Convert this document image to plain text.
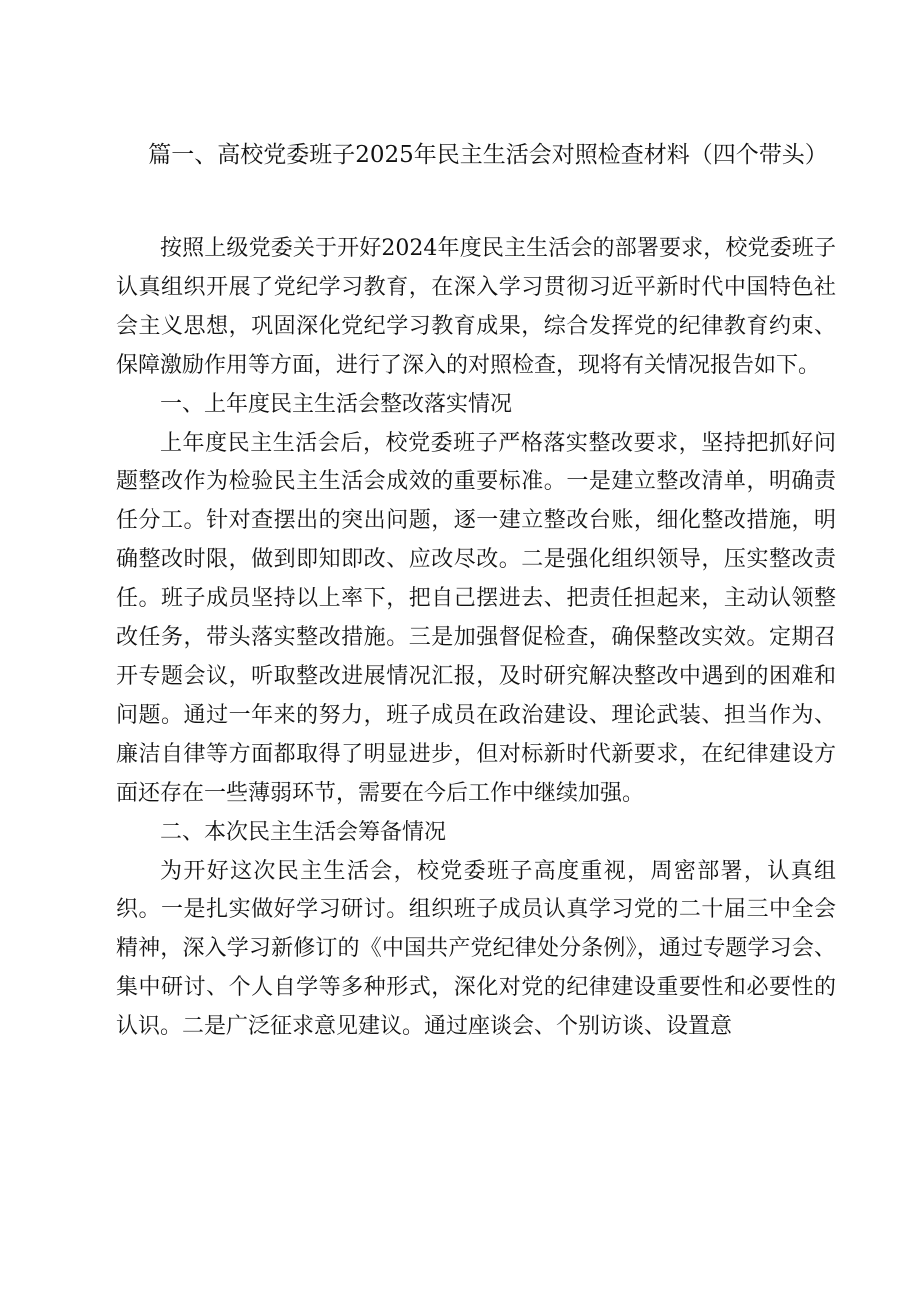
篇一、高校党委班子2025年民主生活会对照检查材料（四个带头）

按照上级党委关于开好2024年度民主生活会的部署要求，校党委班子认真组织开展了党纪学习教育，在深入学习贯彻习近平新时代中国特色社会主义思想，巩固深化党纪学习教育成果，综合发挥党的纪律教育约束、保障激励作用等方面，进行了深入的对照检查，现将有关情况报告如下。

一、上年度民主生活会整改落实情况

上年度民主生活会后，校党委班子严格落实整改要求，坚持把抓好问题整改作为检验民主生活会成效的重要标准。一是建立整改清单，明确责任分工。针对查摆出的突出问题，逐一建立整改台账，细化整改措施，明确整改时限，做到即知即改、应改尽改。二是强化组织领导，压实整改责任。班子成员坚持以上率下，把自己摆进去、把责任担起来，主动认领整改任务，带头落实整改措施。三是加强督促检查，确保整改实效。定期召开专题会议，听取整改进展情况汇报，及时研究解决整改中遇到的困难和问题。通过一年来的努力，班子成员在政治建设、理论武装、担当作为、廉洁自律等方面都取得了明显进步，但对标新时代新要求，在纪律建设方面还存在一些薄弱环节，需要在今后工作中继续加强。

二、本次民主生活会筹备情况

为开好这次民主生活会，校党委班子高度重视，周密部署，认真组织。一是扎实做好学习研讨。组织班子成员认真学习党的二十届三中全会精神，深入学习新修订的《中国共产党纪律处分条例》，通过专题学习会、集中研讨、个人自学等多种形式，深化对党的纪律建设重要性和必要性的认识。二是广泛征求意见建议。通过座谈会、个别访谈、设置意
